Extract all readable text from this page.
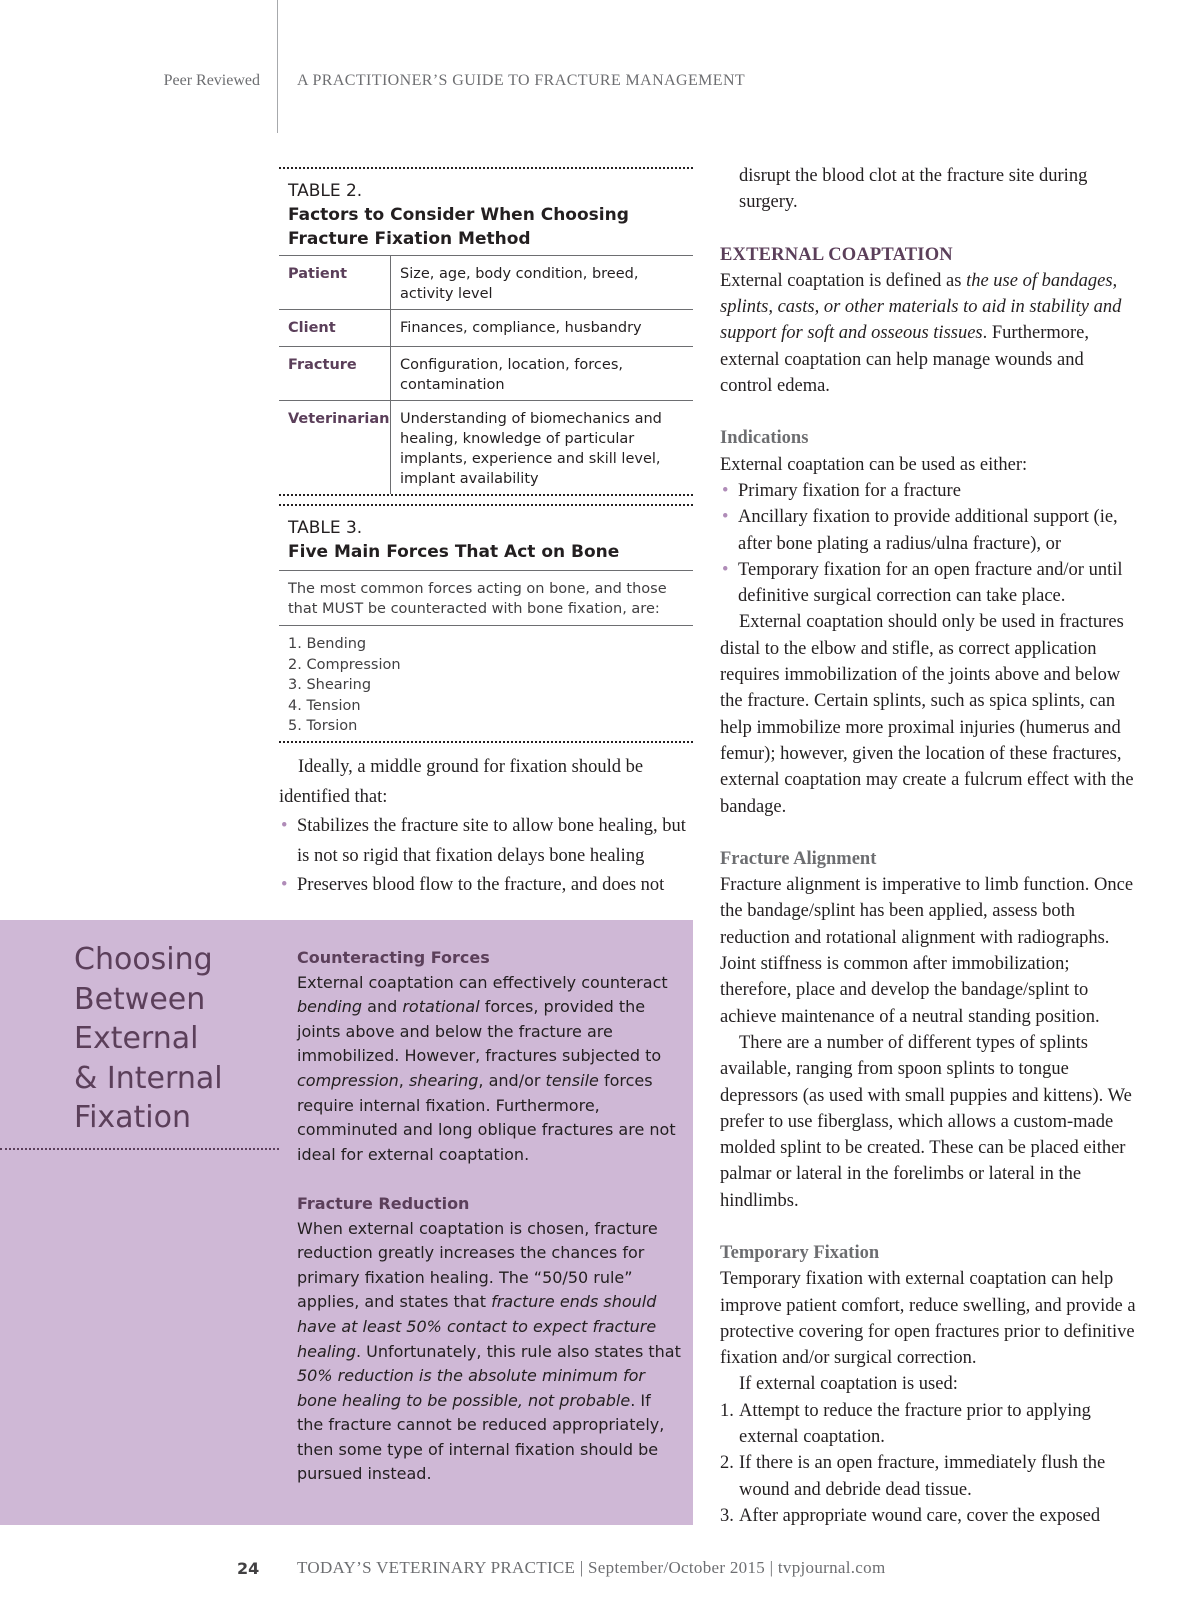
Peer Reviewed A PRACTITIONER’S GUIDE TO FRACTURE MANAGEMENT
TABLE 2.
Factors to Consider When Choosing Fracture Fixation Method
Patient	Size, age, body condition, breed, activity level
Client	Finances, compliance, husbandry
Fracture	Configuration, location, forces, contamination
Veterinarian Understanding of biomechanics and healing, knowledge of particular implants, experience and skill level, implant availability
TABLE 3.
Five Main Forces That Act on Bone
The most common forces acting on bone, and those that MUST be counteracted with bone fixation, are:
1. Bending
2. Compression
3. Shearing
4. Tension
5. Torsion
Ideally, a middle ground for fixation should be identified that:
• Stabilizes the fracture site to allow bone healing, but is not so rigid that fixation delays bone healing
• Preserves blood flow to the fracture, and does not
disrupt the blood clot at the fracture site during surgery.
EXTERNAL COAPTATION
External coaptation is defined as the use of bandages, splints, casts, or other materials to aid in stability and support for soft and osseous tissues. Furthermore, external coaptation can help manage wounds and control edema.
Indications
External coaptation can be used as either:
• Primary fixation for a fracture
• Ancillary fixation to provide additional support (ie, after bone plating a radius/ulna fracture), or
• Temporary fixation for an open fracture and/or until definitive surgical correction can take place.
External coaptation should only be used in fractures distal to the elbow and stifle, as correct application requires immobilization of the joints above and below the fracture. Certain splints, such as spica splints, can help immobilize more proximal injuries (humerus and femur); however, given the location of these fractures, external coaptation may create a fulcrum effect with the bandage.
Fracture Alignment
Fracture alignment is imperative to limb function. Once the bandage/splint has been applied, assess both reduction and rotational alignment with radiographs. Joint stiffness is common after immobilization; therefore, place and develop the bandage/splint to achieve maintenance of a neutral standing position.
There are a number of different types of splints available, ranging from spoon splints to tongue depressors (as used with small puppies and kittens). We prefer to use fiberglass, which allows a custom-made molded splint to be created. These can be placed either palmar or lateral in the forelimbs or lateral in the hindlimbs.
Temporary Fixation
Temporary fixation with external coaptation can help improve patient comfort, reduce swelling, and provide a protective covering for open fractures prior to definitive fixation and/or surgical correction.
If external coaptation is used:
1. Attempt to reduce the fracture prior to applying external coaptation.
2. If there is an open fracture, immediately flush the wound and debride dead tissue.
3. After appropriate wound care, cover the exposed
Choosing
Between
External
& Internal
Fixation
Counteracting Forces
External coaptation can effectively counteract bending and rotational forces, provided the joints above and below the fracture are immobilized. However, fractures subjected to compression, shearing, and/or tensile forces require internal fixation. Furthermore, comminuted and long oblique fractures are not ideal for external coaptation.
Fracture Reduction
When external coaptation is chosen, fracture reduction greatly increases the chances for primary fixation healing. The “50/50 rule” applies, and states that fracture ends should have at least 50% contact to expect fracture healing. Unfortunately, this rule also states that 50% reduction is the absolute minimum for bone healing to be possible, not probable. If the fracture cannot be reduced appropriately, then some type of internal fixation should be pursued instead.
24 TODAY’S VETERINARY PRACTICE | September/October 2015 | tvpjournal.com
